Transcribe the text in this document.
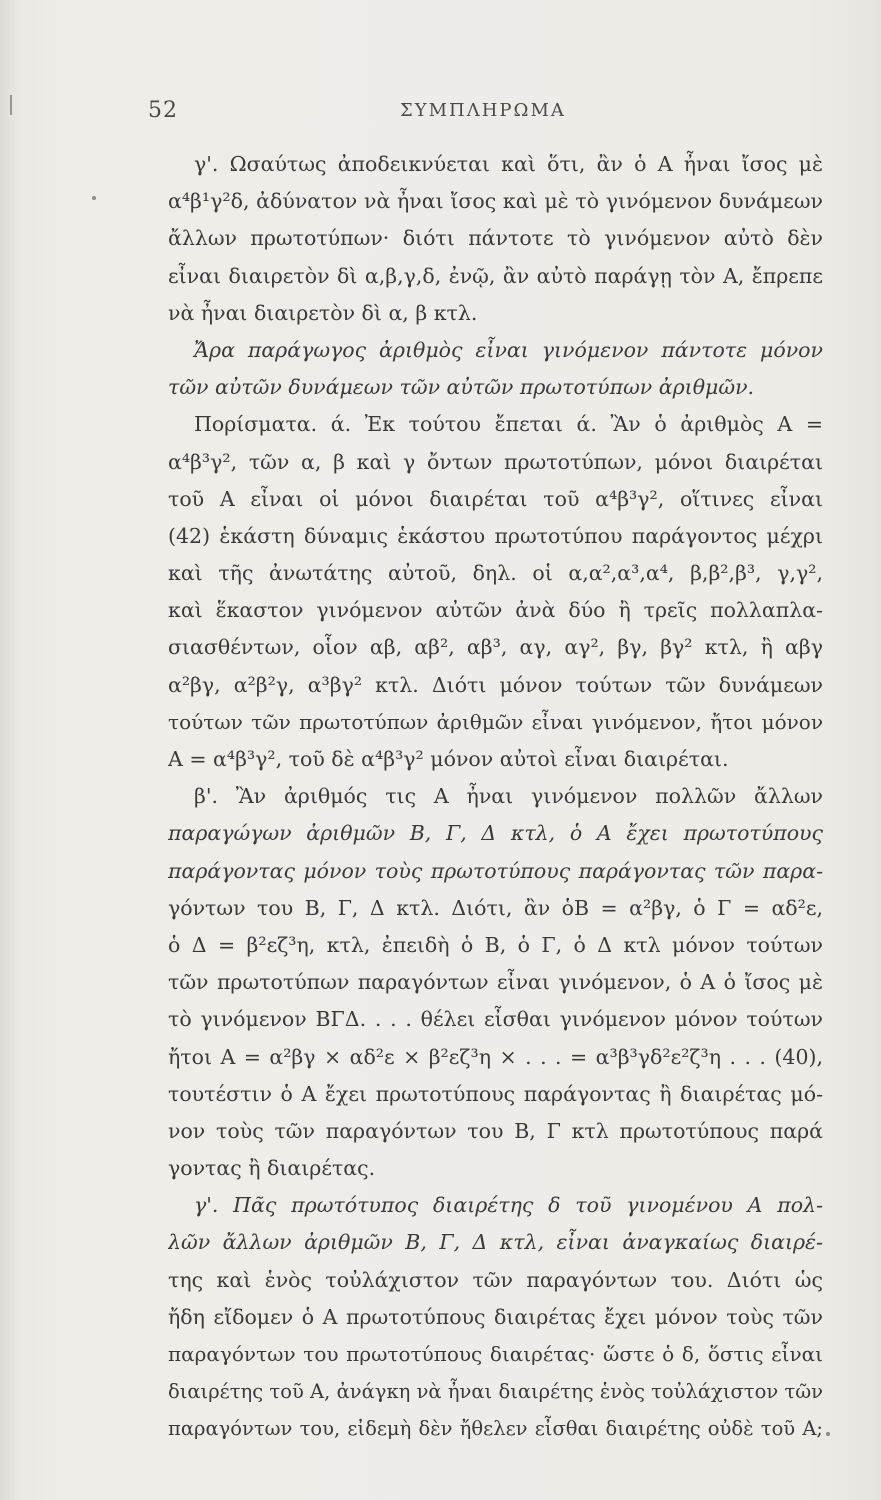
52	ΣΥΜΠΛΗΡΩΜΑ
γ'. Ωσαύτως ἀποδεικνύεται καὶ ὅτι, ἂν ὁ Α ἦναι ἴσος μὲ
α⁴β¹γ²δ, ἀδύνατον νὰ ἦναι ἴσος καὶ μὲ τὸ γινόμενον δυνάμεων
ἄλλων πρωτοτύπων· διότι πάντοτε τὸ γινόμενον αὐτὸ δὲν
εἶναι διαιρετὸν δὶ α,β,γ,δ, ἐνῷ, ἂν αὐτὸ παράγῃ τὸν Α, ἔπρεπε
νὰ ἦναι διαιρετὸν δὶ α, β κτλ.
Ἄρα παράγωγος ἀριθμὸς εἶναι γινόμενον πάντοτε μόνον
τῶν αὐτῶν δυνάμεων τῶν αὐτῶν πρωτοτύπων ἀριθμῶν.
Πορίσματα. ά. Ἐκ τούτου ἔπεται ά. Ἂν ὁ ἀριθμὸς Α =
α⁴β³γ², τῶν α, β καὶ γ ὄντων πρωτοτύπων, μόνοι διαιρέται
τοῦ Α εἶναι οἱ μόνοι διαιρέται τοῦ α⁴β³γ², οἵτινες εἶναι
(42) ἑκάστη δύναμις ἑκάστου πρωτοτύπου παράγοντος μέχρι
καὶ τῆς ἀνωτάτης αὐτοῦ, δηλ. οἱ α,α²,α³,α⁴, β,β²,β³, γ,γ²,
καὶ ἕκαστον γινόμενον αὐτῶν ἀνὰ δύο ἢ τρεῖς πολλαπλα-
σιασθέντων, οἷον αβ, αβ², αβ³, αγ, αγ², βγ, βγ² κτλ, ἢ αβγ
α²βγ, α²β²γ, α³βγ² κτλ. Διότι μόνον τούτων τῶν δυνάμεων
τούτων τῶν πρωτοτύπων ἀριθμῶν εἶναι γινόμενον, ἤτοι μόνον
Α = α⁴β³γ², τοῦ δὲ α⁴β³γ² μόνον αὐτοὶ εἶναι διαιρέται.
β'. Ἂν ἀριθμός τις Α ἦναι γινόμενον πολλῶν ἄλλων
παραγώγων ἀριθμῶν Β, Γ, Δ κτλ, ὁ Α ἔχει πρωτοτύπους
παράγοντας μόνον τοὺς πρωτοτύπους παράγοντας τῶν παρα-
γόντων του Β, Γ, Δ κτλ. Διότι, ἂν ὁΒ = α²βγ, ὁ Γ = αδ²ε,
ὁ Δ = β²εζ³η, κτλ, ἐπειδὴ ὁ Β, ὁ Γ, ὁ Δ κτλ μόνον τούτων
τῶν πρωτοτύπων παραγόντων εἶναι γινόμενον, ὁ Α ὁ ἴσος μὲ
τὸ γινόμενον ΒΓΔ. . . . θέλει εἶσθαι γινόμενον μόνον τούτων
ἤτοι Α = α²βγ × αδ²ε × β²εζ³η × . . . = α³β³γδ²ε²ζ³η . . . (40),
τουτέστιν ὁ Α ἔχει πρωτοτύπους παράγοντας ἢ διαιρέτας μό-
νον τοὺς τῶν παραγόντων του Β, Γ κτλ πρωτοτύπους παρά
γοντας ἢ διαιρέτας.
γ'. Πᾶς πρωτότυπος διαιρέτης δ τοῦ γινομένου Α πολ-
λῶν ἄλλων ἀριθμῶν Β, Γ, Δ κτλ, εἶναι ἀναγκαίως διαιρέ-
της καὶ ἑνὸς τοὐλάχιστον τῶν παραγόντων του. Διότι ὡς
ἤδη εἴδομεν ὁ Α πρωτοτύπους διαιρέτας ἔχει μόνον τοὺς τῶν
παραγόντων του πρωτοτύπους διαιρέτας· ὥστε ὁ δ, ὅστις εἶναι
διαιρέτης τοῦ Α, ἀνάγκη νὰ ἦναι διαιρέτης ἑνὸς τοὐλάχιστον τῶν
παραγόντων του, εἰδεμὴ δὲν ἤθελεν εἶσθαι διαιρέτης οὐδὲ τοῦ Α;
